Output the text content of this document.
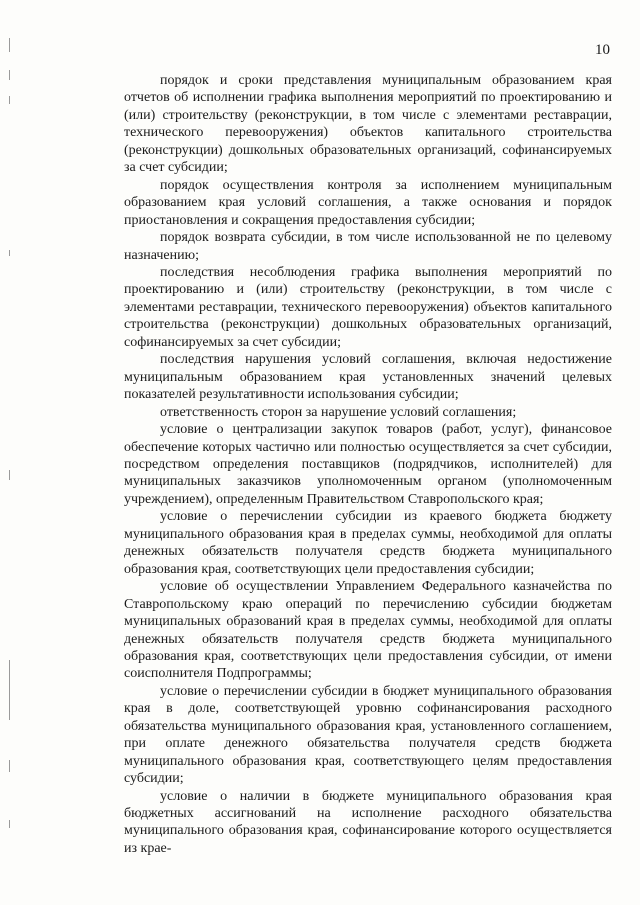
10

порядок и сроки представления муниципальным образованием края отчетов об исполнении графика выполнения мероприятий по проектированию и (или) строительству (реконструкции, в том числе с элементами реставрации, технического перевооружения) объектов капитального строительства (реконструкции) дошкольных образовательных организаций, софинансируемых за счет субсидии;

порядок осуществления контроля за исполнением муниципальным образованием края условий соглашения, а также основания и порядок приостановления и сокращения предоставления субсидии;

порядок возврата субсидии, в том числе использованной не по целевому назначению;

последствия несоблюдения графика выполнения мероприятий по проектированию и (или) строительству (реконструкции, в том числе с элементами реставрации, технического перевооружения) объектов капитального строительства (реконструкции) дошкольных образовательных организаций, софинансируемых за счет субсидии;

последствия нарушения условий соглашения, включая недостижение муниципальным образованием края установленных значений целевых показателей результативности использования субсидии;

ответственность сторон за нарушение условий соглашения;

условие о централизации закупок товаров (работ, услуг), финансовое обеспечение которых частично или полностью осуществляется за счет субсидии, посредством определения поставщиков (подрядчиков, исполнителей) для муниципальных заказчиков уполномоченным органом (уполномоченным учреждением), определенным Правительством Ставропольского края;

условие о перечислении субсидии из краевого бюджета бюджету муниципального образования края в пределах суммы, необходимой для оплаты денежных обязательств получателя средств бюджета муниципального образования края, соответствующих цели предоставления субсидии;

условие об осуществлении Управлением Федерального казначейства по Ставропольскому краю операций по перечислению субсидии бюджетам муниципальных образований края в пределах суммы, необходимой для оплаты денежных обязательств получателя средств бюджета муниципального образования края, соответствующих цели предоставления субсидии, от имени соисполнителя Подпрограммы;

условие о перечислении субсидии в бюджет муниципального образования края в доле, соответствующей уровню софинансирования расходного обязательства муниципального образования края, установленного соглашением, при оплате денежного обязательства получателя средств бюджета муниципального образования края, соответствующего целям предоставления субсидии;

условие о наличии в бюджете муниципального образования края бюджетных ассигнований на исполнение расходного обязательства муниципального образования края, софинансирование которого осуществляется из крае-
